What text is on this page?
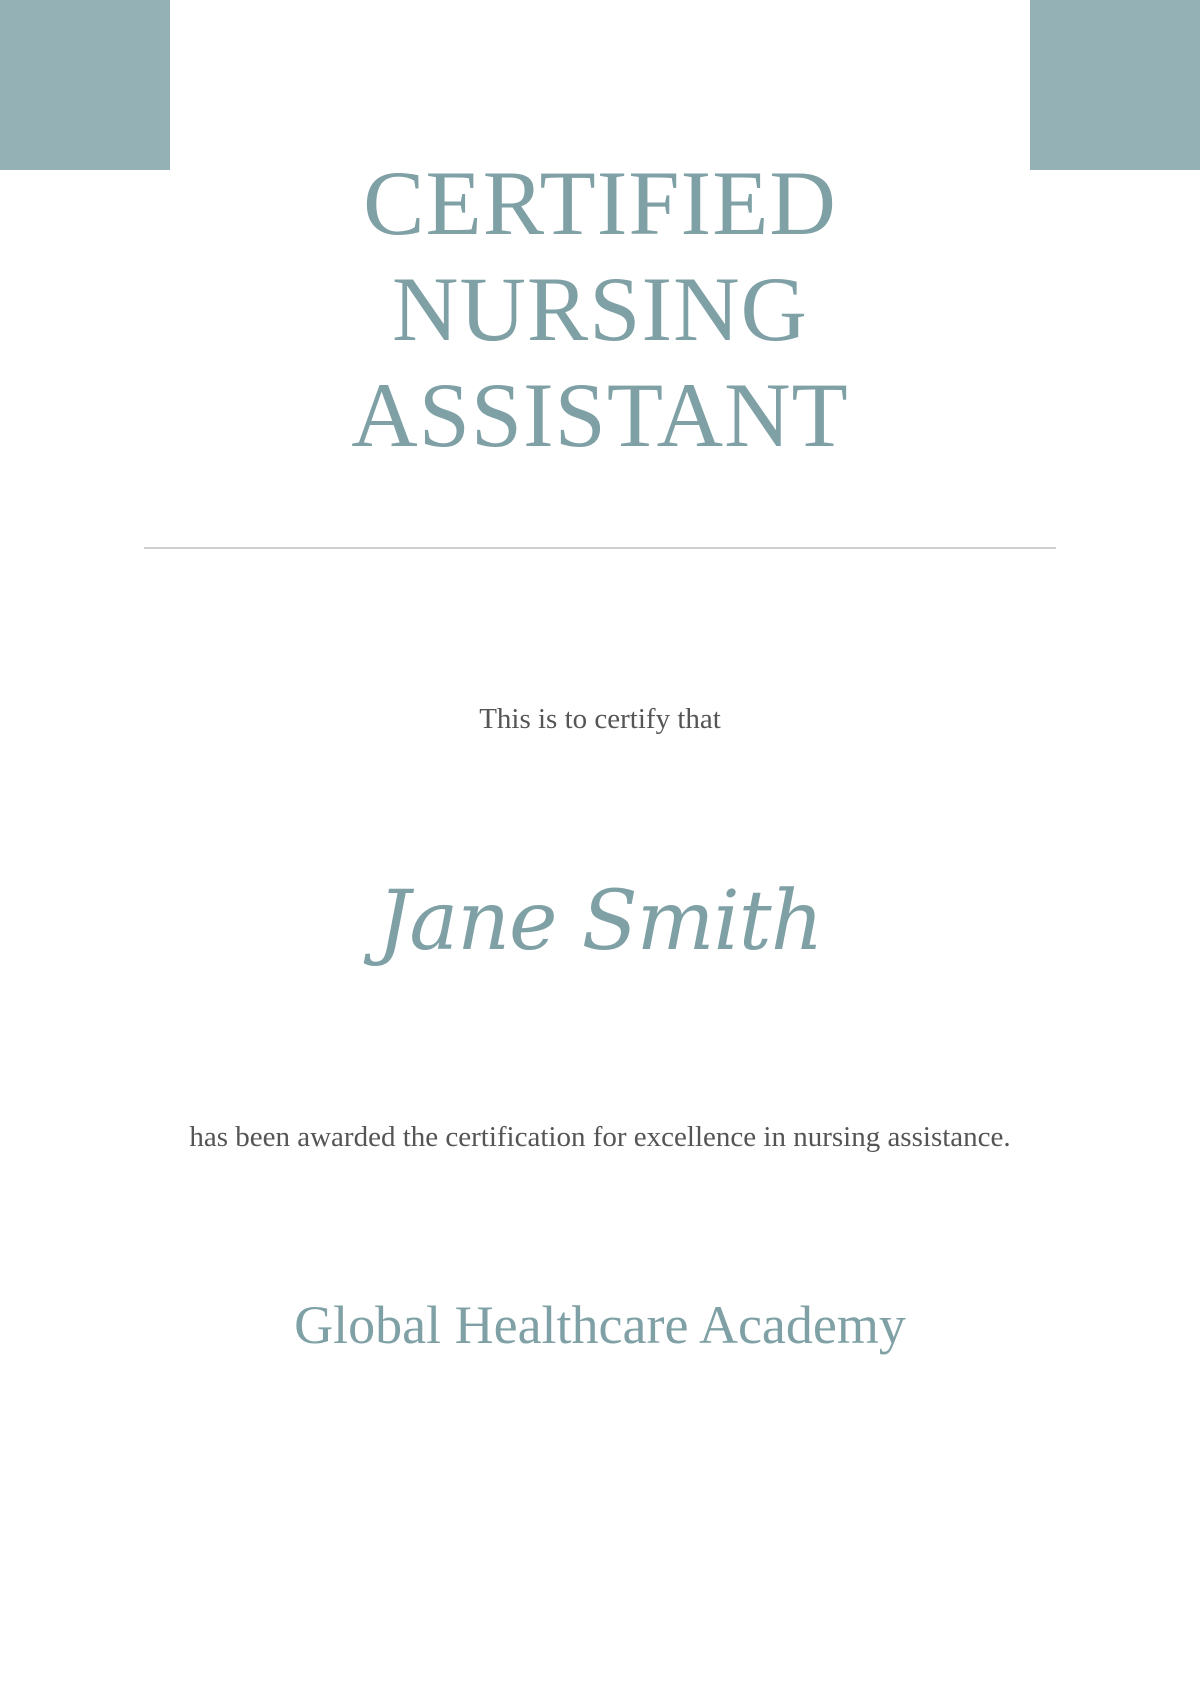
CERTIFIED
NURSING
ASSISTANT
This is to certify that
Jane Smith
has been awarded the certification for excellence in nursing assistance.
Global Healthcare Academy
